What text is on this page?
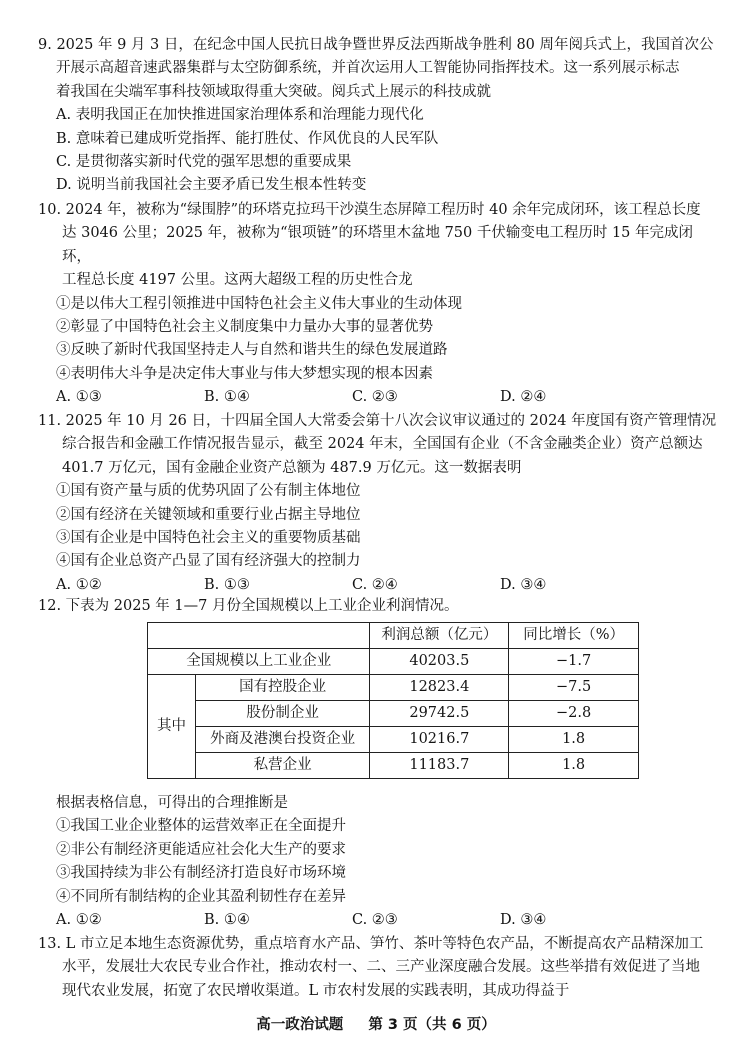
9. 2025 年 9 月 3 日，在纪念中国人民抗日战争暨世界反法西斯战争胜利 80 周年阅兵式上，我国首次公

开展示高超音速武器集群与太空防御系统，并首次运用人工智能协同指挥技术。这一系列展示标志

着我国在尖端军事科技领域取得重大突破。阅兵式上展示的科技成就

A. 表明我国正在加快推进国家治理体系和治理能力现代化

B. 意味着已建成听党指挥、能打胜仗、作风优良的人民军队

C. 是贯彻落实新时代党的强军思想的重要成果

D. 说明当前我国社会主要矛盾已发生根本性转变

10. 2024 年，被称为“绿围脖”的环塔克拉玛干沙漠生态屏障工程历时 40 余年完成闭环，该工程总长度

达 3046 公里；2025 年，被称为“银项链”的环塔里木盆地 750 千伏输变电工程历时 15 年完成闭环，

工程总长度 4197 公里。这两大超级工程的历史性合龙

①是以伟大工程引领推进中国特色社会主义伟大事业的生动体现

②彰显了中国特色社会主义制度集中力量办大事的显著优势

③反映了新时代我国坚持走人与自然和谐共生的绿色发展道路

④表明伟大斗争是决定伟大事业与伟大梦想实现的根本因素

A. ①③	B. ①④	C. ②③	D. ②④

11. 2025 年 10 月 26 日，十四届全国人大常委会第十八次会议审议通过的 2024 年度国有资产管理情况

综合报告和金融工作情况报告显示，截至 2024 年末，全国国有企业（不含金融类企业）资产总额达

401.7 万亿元，国有金融企业资产总额为 487.9 万亿元。这一数据表明

①国有资产量与质的优势巩固了公有制主体地位

②国有经济在关键领域和重要行业占据主导地位

③国有企业是中国特色社会主义的重要物质基础

④国有企业总资产凸显了国有经济强大的控制力

A. ①②	B. ①③	C. ②④	D. ③④

12. 下表为 2025 年 1—7 月份全国规模以上工业企业利润情况。

		利润总额（亿元）	同比增长（%）
全国规模以上工业企业		40203.5	−1.7
其中	国有控股企业	12823.4	−7.5
	股份制企业	29742.5	−2.8
	外商及港澳台投资企业	10216.7	1.8
	私营企业	11183.7	1.8

根据表格信息，可得出的合理推断是

①我国工业企业整体的运营效率正在全面提升

②非公有制经济更能适应社会化大生产的要求

③我国持续为非公有制经济打造良好市场环境

④不同所有制结构的企业其盈利韧性存在差异

A. ①②	B. ①④	C. ②③	D. ③④

13. L 市立足本地生态资源优势，重点培育水产品、笋竹、茶叶等特色农产品，不断提高农产品精深加工

水平，发展壮大农民专业合作社，推动农村一、二、三产业深度融合发展。这些举措有效促进了当地

现代农业发展，拓宽了农民增收渠道。L 市农村发展的实践表明，其成功得益于

高一政治试题 第 3 页（共 6 页）
